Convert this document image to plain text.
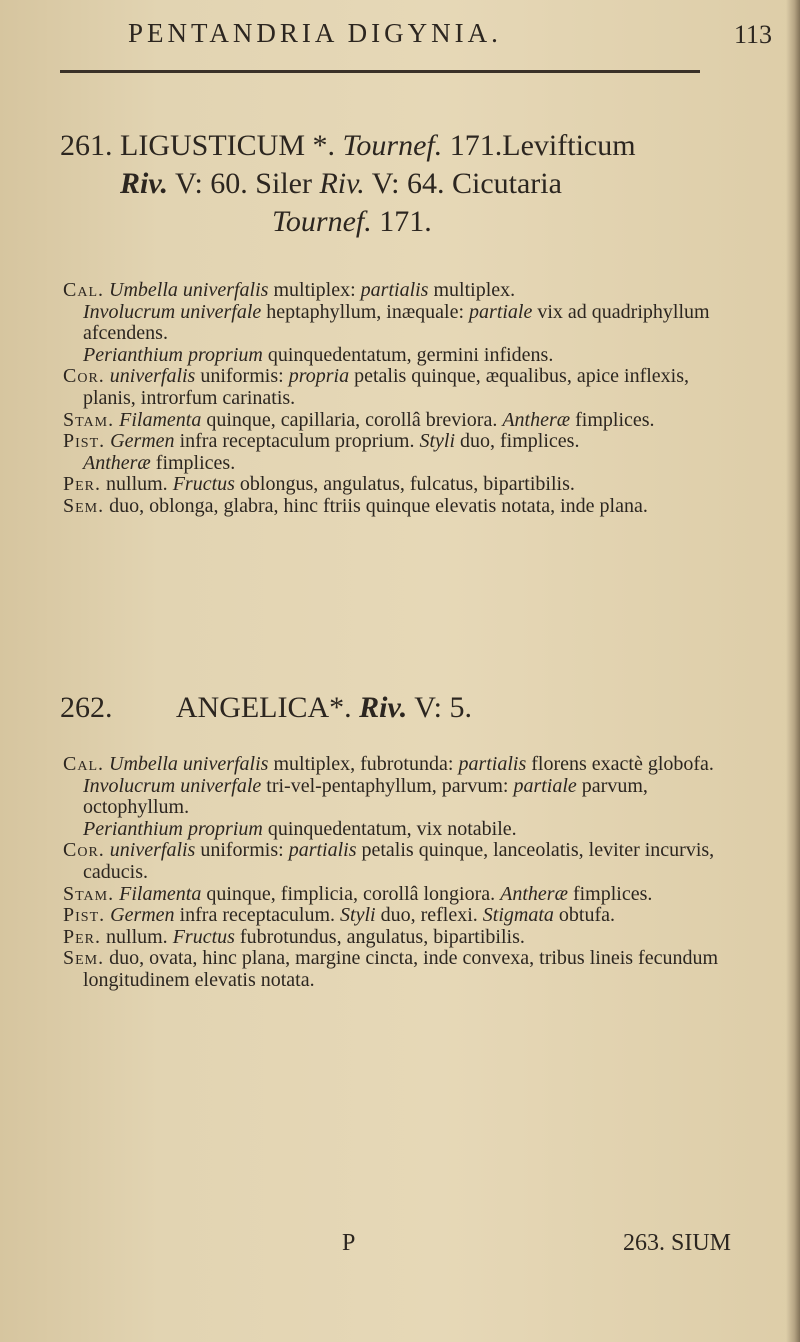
PENTANDRIA DIGYNIA.	113
261. LIGUSTICUM *. Tournef. 171.Levifticum
Riv. V: 60. Siler Riv. V: 64. Cicutaria
Tournef. 171.

Cal. Umbella univerfalis multiplex: partialis multiplex.
Involucrum univerfale heptaphyllum, inæquale: partiale vix ad quadriphyllum afcendens.
Perianthium proprium quinquedentatum, germini infidens.

Cor. univerfalis uniformis: propria petalis quinque, æqualibus, apice inflexis, planis, introrfum carinatis.

Stam. Filamenta quinque, capillaria, corollâ breviora. Antheræ fimplices.

Pist. Germen infra receptaculum proprium. Styli duo, fimplices.
Antheræ fimplices.

Per. nullum. Fructus oblongus, angulatus, fulcatus, bipartibilis.

Sem. duo, oblonga, glabra, hinc ftriis quinque elevatis notata, inde plana.

262. ANGELICA*. Riv. V: 5.

Cal. Umbella univerfalis multiplex, fubrotunda: partialis florens exactè globofa.
Involucrum univerfale tri-vel-pentaphyllum, parvum: partiale parvum, octophyllum.
Perianthium proprium quinquedentatum, vix notabile.

Cor. univerfalis uniformis: partialis petalis quinque, lanceolatis, leviter incurvis, caducis.

Stam. Filamenta quinque, fimplicia, corollâ longiora. Antheræ fimplices.

Pist. Germen infra receptaculum. Styli duo, reflexi. Stigmata obtufa.

Per. nullum. Fructus fubrotundus, angulatus, bipartibilis.

Sem. duo, ovata, hinc plana, margine cincta, inde convexa, tribus lineis fecundum longitudinem elevatis notata.

P	263. SIUM
